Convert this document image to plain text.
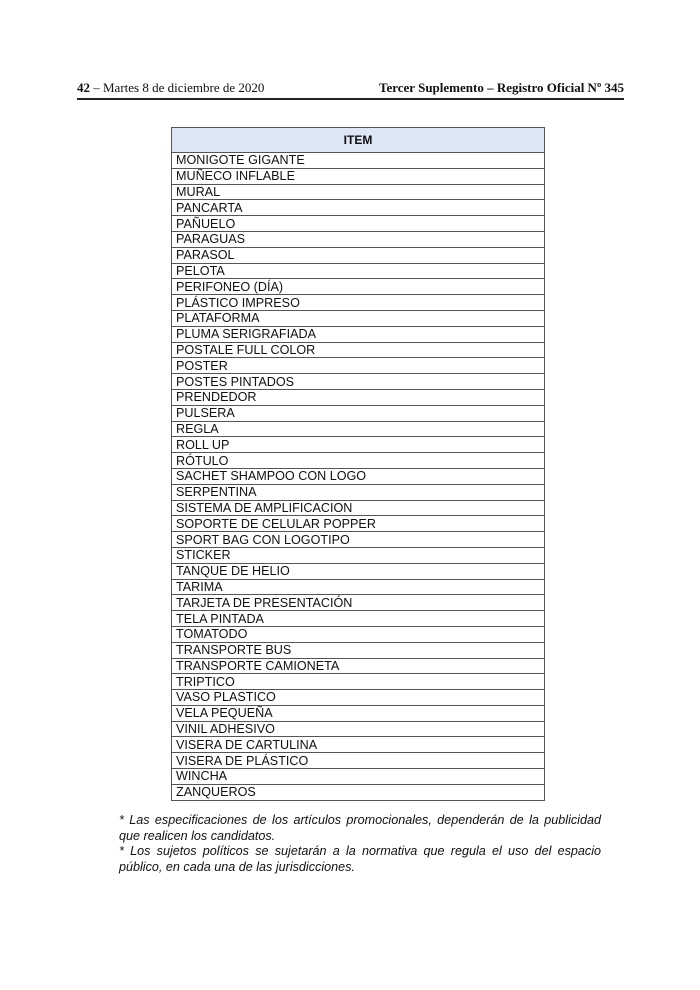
42 – Martes 8 de diciembre de 2020	Tercer Suplemento – Registro Oficial Nº 345
ITEM
MONIGOTE GIGANTE
MUÑECO INFLABLE
MURAL
PANCARTA
PAÑUELO
PARAGUAS
PARASOL
PELOTA
PERIFONEO (DÍA)
PLÁSTICO IMPRESO
PLATAFORMA
PLUMA SERIGRAFIADA
POSTALE FULL COLOR
POSTER
POSTES PINTADOS
PRENDEDOR
PULSERA
REGLA
ROLL UP
RÓTULO
SACHET SHAMPOO CON LOGO
SERPENTINA
SISTEMA DE AMPLIFICACION
SOPORTE DE CELULAR POPPER
SPORT BAG CON LOGOTIPO
STICKER
TANQUE DE HELIO
TARIMA
TARJETA DE PRESENTACIÓN
TELA PINTADA
TOMATODO
TRANSPORTE BUS
TRANSPORTE CAMIONETA
TRIPTICO
VASO PLASTICO
VELA PEQUEÑA
VINIL ADHESIVO
VISERA DE CARTULINA
VISERA DE PLÁSTICO
WINCHA
ZANQUEROS

* Las especificaciones de los artículos promocionales, dependerán de la publicidad que realicen los candidatos.

* Los sujetos políticos se sujetarán a la normativa que regula el uso del espacio público, en cada una de las jurisdicciones.
